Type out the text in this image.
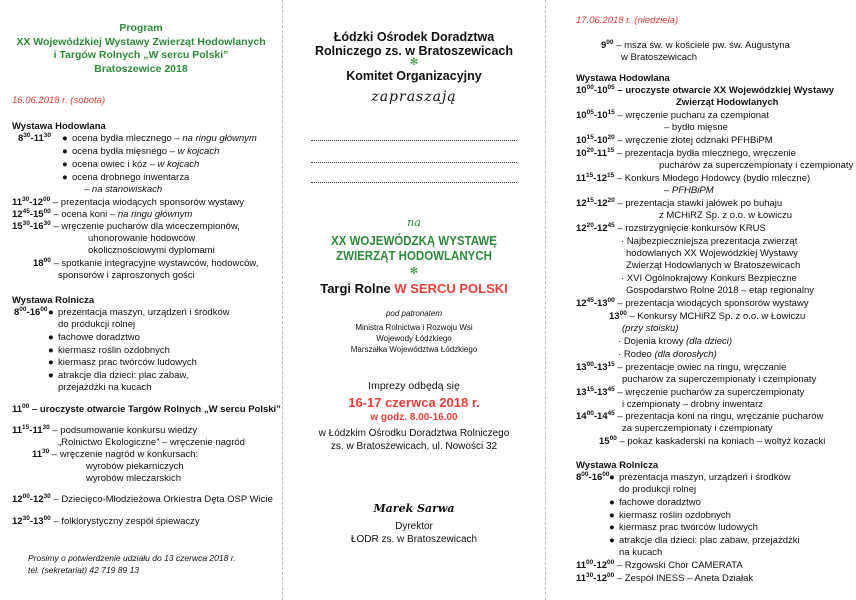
Program
XX Wojewódzkiej Wystawy Zwierząt Hodowlanych
i Targów Rolnych „W sercu Polski”
Bratoszewice 2018
16.06.2018 r. (sobota)
Wystawa Hodowlana
$8^{30}-11^{30}$ ● ocena bydła mlecznego – na ringu głównym
● ocena bydła mięsnego – w kojcach
● ocena owiec i kóz – w kojcach
● ocena drobnego inwentarza
– na stanowiskach
$11^{30}-12^{00}$ – prezentacja wiodących sponsorów wystawy
$12^{45}-15^{00}$ – ocena koni – na ringu głównym
$15^{30}-16^{30}$ – wręczenie pucharów dla wiceczempionów,
uhonorowanie hodowców
okolicznościowymi dyplomami
$18^{00}$ – spotkanie integracyjne wystawców, hodowców,
sponsorów i zaproszonych gości
Wystawa Rolnicza
$8^{00}-16^{00}$ ● prezentacja maszyn, urządzeń i środków
do produkcji rolnej
● fachowe doradztwo
● kiermasz roślin ozdobnych
● kiermasz prac twórców ludowych
● atrakcje dla dzieci: plac zabaw,
przejażdżki na kucach
$11^{00}$ – uroczyste otwarcie Targów Rolnych „W sercu Polski”
$11^{15}-11^{30}$ – podsumowanie konkursu wiedzy
„Rolnictwo Ekologiczne” – wręczenie nagród
$11^{30}$ – wręczenie nagród w konkursach:
wyrobów piekarniczych
wyrobów mleczarskich
$12^{00}-12^{30}$ – Dziecięco-Młodzieżowa Orkiestra Dęta OSP Wicie
$12^{30}-13^{00}$ – folklorystyczny zespół śpiewaczy
Prosimy o potwierdzenie udziału do 13 czerwca 2018 r.
tel. (sekretariat) 42 719 89 13
Łódzki Ośrodek Doradztwa
Rolniczego zs. w Bratoszewicach
✻
Komitet Organizacyjny
zapraszają
na
XX WOJEWÓDZKĄ WYSTAWĘ
ZWIERZĄT HODOWLANYCH
✻
Targi Rolne W SERCU POLSKI
pod patronatem
Ministra Rolnictwa i Rozwoju Wsi
Wojewody Łódzkiego
Marszałka Województwa Łódzkiego
Imprezy odbędą się
16-17 czerwca 2018 r.
w godz. 8.00-16.00
w Łódzkim Ośrodku Doradztwa Rolniczego
zs. w Bratoszewicach, ul. Nowości 32
Marek Sarwa
Dyrektor
ŁODR zs. w Bratoszewicach
17.06.2018 r. (niedziela)
$9^{00}$ – msza św. w kościele pw. św. Augustyna
w Bratoszewicach
Wystawa Hodowlana
$10^{00}-10^{05}$ – uroczyste otwarcie XX Wojewódzkiej Wystawy
Zwierząt Hodowlanych
$10^{05}-10^{15}$ – wręczenie pucharu za czempionat
– bydło mięsne
$10^{15}-10^{20}$ – wręczenie złotej odznaki PFHBiPM
$10^{20}-11^{15}$ – prezentacja bydła mlecznego, wręczenie
pucharów za superczempionaty i czempionaty
$11^{15}-12^{15}$ – Konkurs Młodego Hodowcy (bydło mleczne)
– PFHBiPM
$12^{15}-12^{20}$ – prezentacja stawki jałówek po buhaju
z MCHiRZ Sp. z o.o. w Łowiczu
$12^{20}-12^{45}$ – rozstrzygnięcie konkursów KRUS
· Najbezpieczniejsza prezentacja zwierząt
hodowlanych XX Wojewódzkiej Wystawy
Zwierząt Hodowlanych w Bratoszewicach
· XVI Ogólnokrajowy Konkurs Bezpieczne
Gospodarstwo Rolne 2018 – etap regionalny
$12^{45}-13^{00}$ – prezentacja wiodących sponsorów wystawy
$13^{00}$ – Konkursy MCHiRZ Sp. z o.o. w Łowiczu
(przy stoisku)
· Dojenia krowy (dla dzieci)
· Rodeo (dla dorosłych)
$13^{00}-13^{15}$ – prezentacje owiec na ringu, wręczanie
pucharów za superczempionaty i czempionaty
$13^{15}-13^{45}$ – wręczenie pucharów za superczempionaty
i czempionaty – drobny inwentarz
$14^{00}-14^{45}$ – prezentacja koni na ringu, wręczanie pucharów
za superczempionaty i czempionaty
$15^{00}$ – pokaz kaskaderski na koniach – woltyż kozacki
Wystawa Rolnicza
$8^{00}-16^{00}$ ● prezentacja maszyn, urządzeń i środków
do produkcji rolnej
● fachowe doradztwo
● kiermasz roślin ozdobnych
● kiermasz prac twórców ludowych
● atrakcje dla dzieci: plac zabaw, przejażdżki
na kucach
$11^{00}-12^{00}$ – Rzgowski Chór CAMERATA
$11^{30}-12^{00}$ – Zespół INESS – Aneta Działak
